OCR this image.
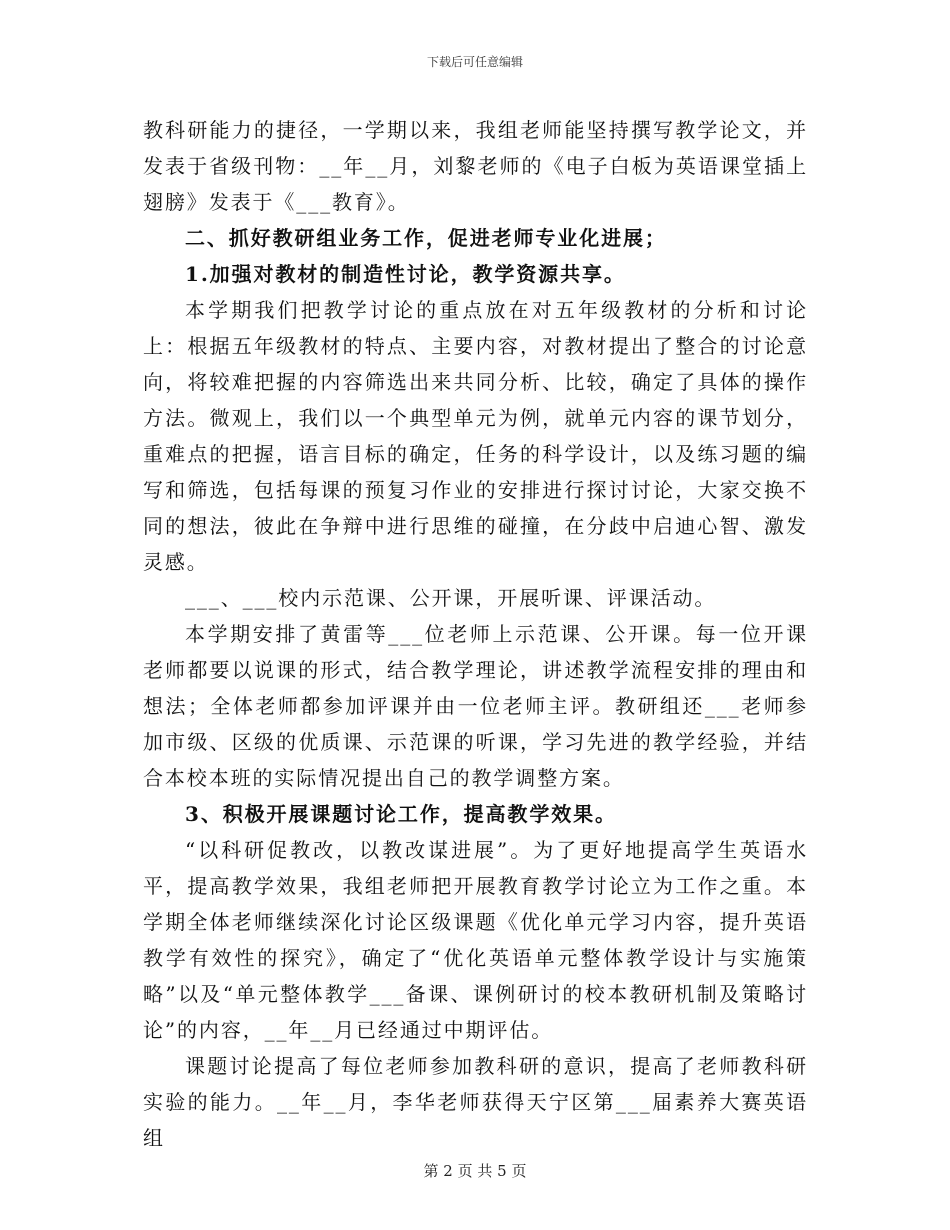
下载后可任意编辑

教科研能力的捷径，一学期以来，我组老师能坚持撰写教学论文，并发表于省级刊物：__年__月，刘黎老师的《电子白板为英语课堂插上翅膀》发表于《___教育》。

二、抓好教研组业务工作，促进老师专业化进展；

1.加强对教材的制造性讨论，教学资源共享。

本学期我们把教学讨论的重点放在对五年级教材的分析和讨论上：根据五年级教材的特点、主要内容，对教材提出了整合的讨论意向，将较难把握的内容筛选出来共同分析、比较，确定了具体的操作方法。微观上，我们以一个典型单元为例，就单元内容的课节划分，重难点的把握，语言目标的确定，任务的科学设计，以及练习题的编写和筛选，包括每课的预复习作业的安排进行探讨讨论，大家交换不同的想法，彼此在争辩中进行思维的碰撞，在分歧中启迪心智、激发灵感。

___、___校内示范课、公开课，开展听课、评课活动。

本学期安排了黄雷等___位老师上示范课、公开课。每一位开课老师都要以说课的形式，结合教学理论，讲述教学流程安排的理由和想法；全体老师都参加评课并由一位老师主评。教研组还___老师参加市级、区级的优质课、示范课的听课，学习先进的教学经验，并结合本校本班的实际情况提出自己的教学调整方案。

3、积极开展课题讨论工作，提高教学效果。

“以科研促教改，以教改谋进展”。为了更好地提高学生英语水平，提高教学效果，我组老师把开展教育教学讨论立为工作之重。本学期全体老师继续深化讨论区级课题《优化单元学习内容，提升英语教学有效性的探究》，确定了“优化英语单元整体教学设计与实施策略”以及“单元整体教学___备课、课例研讨的校本教研机制及策略讨论”的内容，__年__月已经通过中期评估。

课题讨论提高了每位老师参加教科研的意识，提高了老师教科研实验的能力。__年__月，李华老师获得天宁区第___届素养大赛英语组

第 2 页 共 5 页
